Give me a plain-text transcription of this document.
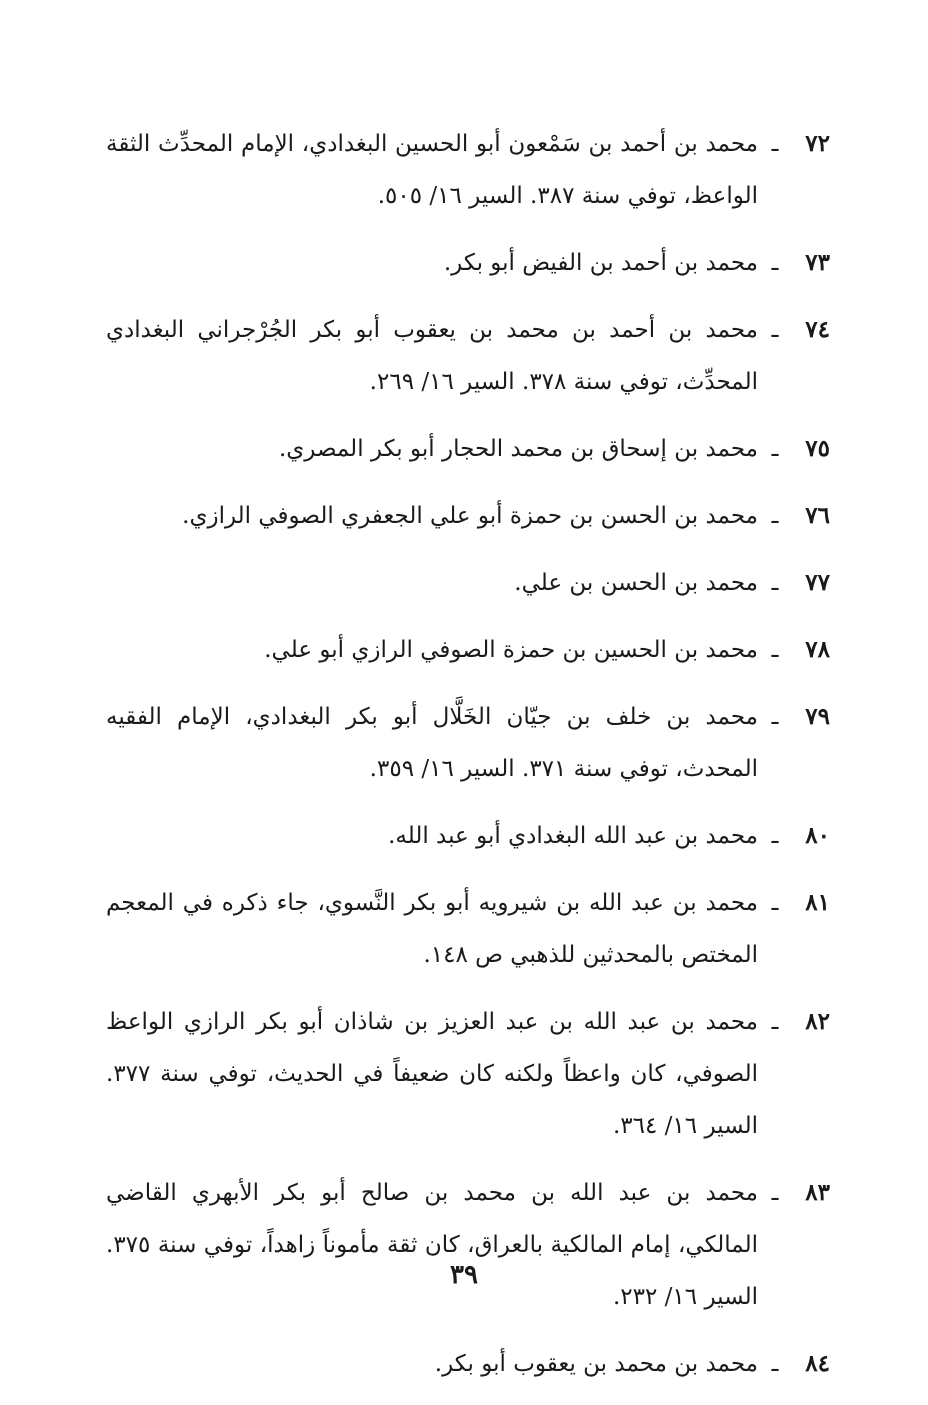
٧٢
ـ
محمد بن أحمد بن سَمْعون أبو الحسين البغدادي، الإمام المحدِّث الثقة الواعظ، توفي سنة ٣٨٧. السير ١٦/ ٥٠٥.
٧٣
ـ
محمد بن أحمد بن الفيض أبو بكر.
٧٤
ـ
محمد بن أحمد بن محمد بن يعقوب أبو بكر الجُرْجراني البغدادي المحدِّث، توفي سنة ٣٧٨. السير ١٦/ ٢٦٩.
٧٥
ـ
محمد بن إسحاق بن محمد الحجار أبو بكر المصري.
٧٦
ـ
محمد بن الحسن بن حمزة أبو علي الجعفري الصوفي الرازي.
٧٧
ـ
محمد بن الحسن بن علي.
٧٨
ـ
محمد بن الحسين بن حمزة الصوفي الرازي أبو علي.
٧٩
ـ
محمد بن خلف بن جيّان الخَلَّال أبو بكر البغدادي، الإمام الفقيه المحدث، توفي سنة ٣٧١. السير ١٦/ ٣٥٩.
٨٠
ـ
محمد بن عبد الله البغدادي أبو عبد الله.
٨١
ـ
محمد بن عبد الله بن شيرويه أبو بكر النَّسوي، جاء ذكره في المعجم المختص بالمحدثين للذهبي ص ١٤٨.
٨٢
ـ
محمد بن عبد الله بن عبد العزيز بن شاذان أبو بكر الرازي الواعظ الصوفي، كان واعظاً ولكنه كان ضعيفاً في الحديث، توفي سنة ٣٧٧. السير ١٦/ ٣٦٤.
٨٣
ـ
محمد بن عبد الله بن محمد بن صالح أبو بكر الأبهري القاضي المالكي، إمام المالكية بالعراق، كان ثقة مأموناً زاهداً، توفي سنة ٣٧٥. السير ١٦/ ٢٣٢.
٨٤
ـ
محمد بن محمد بن يعقوب أبو بكر.
٣٩
